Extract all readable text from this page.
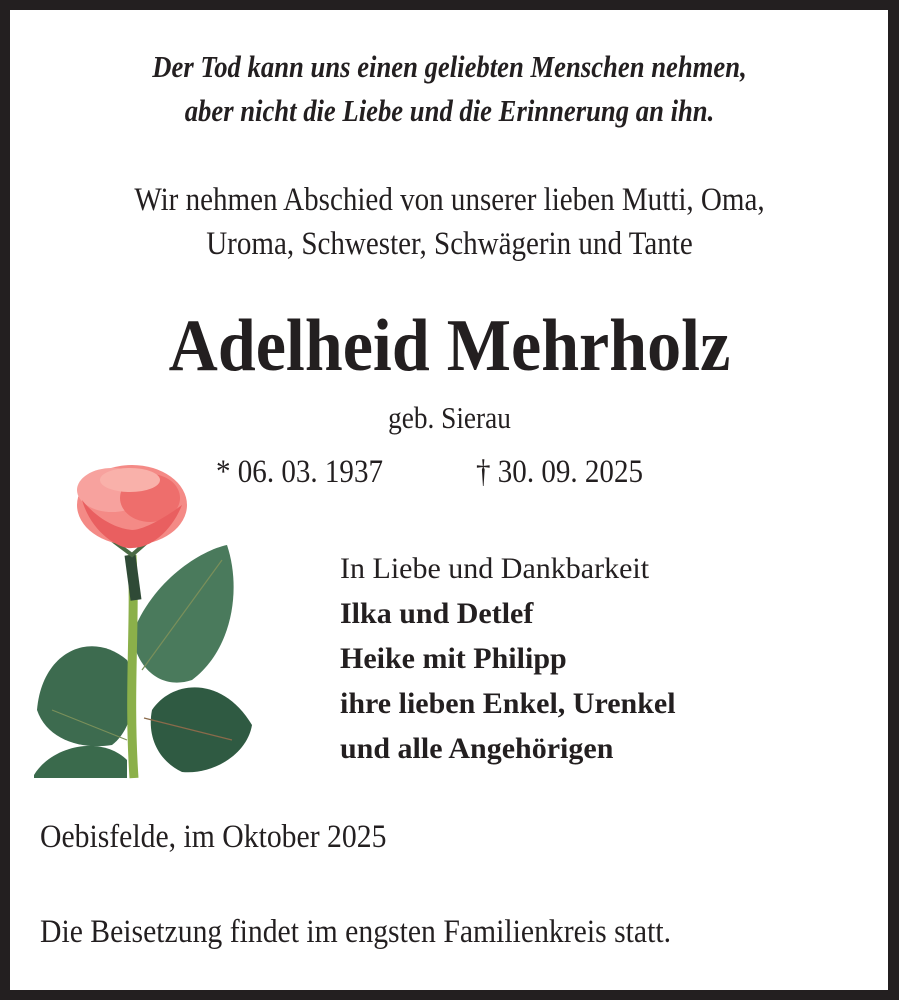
Der Tod kann uns einen geliebten Menschen nehmen,
aber nicht die Liebe und die Erinnerung an ihn.
Wir nehmen Abschied von unserer lieben Mutti, Oma,
Uroma, Schwester, Schwägerin und Tante
Adelheid Mehrholz
geb. Sierau
* 06. 03. 1937	† 30. 09. 2025
In Liebe und Dankbarkeit
Ilka und Detlef
Heike mit Philipp
ihre lieben Enkel, Urenkel
und alle Angehörigen
Oebisfelde, im Oktober 2025
Die Beisetzung findet im engsten Familienkreis statt.
